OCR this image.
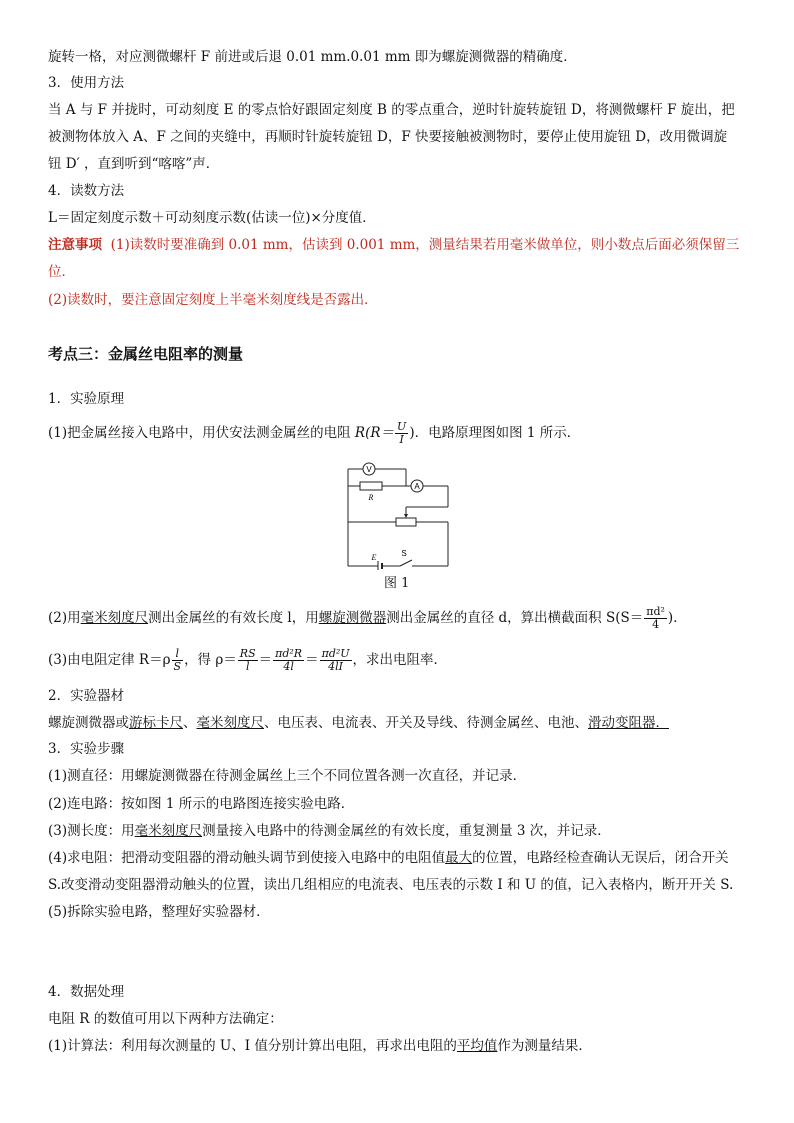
旋转一格，对应测微螺杆 F 前进或后退 0.01 mm.0.01 mm 即为螺旋测微器的精确度．
3．使用方法
当 A 与 F 并拢时，可动刻度 E 的零点恰好跟固定刻度 B 的零点重合，逆时针旋转旋钮 D，将测微螺杆 F 旋出，把
被测物体放入 A、F 之间的夹缝中，再顺时针旋转旋钮 D，F 快要接触被测物时，要停止使用旋钮 D，改用微调旋
钮 D′ ，直到听到“喀喀”声．
4．读数方法
L＝固定刻度示数＋可动刻度示数(估读一位)×分度值．
注意事项 (1)读数时要准确到 0.01 mm，估读到 0.001 mm，测量结果若用毫米做单位，则小数点后面必须保留三
位．
(2)读数时，要注意固定刻度上半毫米刻度线是否露出．
考点三：金属丝电阻率的测量
1．实验原理
(1)把金属丝接入电路中，用伏安法测金属丝的电阻 $R(R= \frac{U}{I}$ )．电路原理图如图 1 所示．
V
A
R
E	S
图 1
(2)用毫米刻度尺测出金属丝的有效长度 l，用螺旋测微器测出金属丝的直径 d，算出横截面积 $S(S= \frac{\text{πd²}}{4}$ )．
(3)由电阻定律 $R=\rho \frac{l}{S}$ ，得 $\rho= \frac{RS}{l} = \frac{\text{πd²R}}{4l} = \frac{\text{πd²U}}{4lI}$ ，求出电阻率．
2．实验器材
螺旋测微器或游标卡尺、毫米刻度尺、电压表、电流表、开关及导线、待测金属丝、电池、滑动变阻器．
3．实验步骤
(1)测直径：用螺旋测微器在待测金属丝上三个不同位置各测一次直径，并记录．
(2)连电路：按如图 1 所示的电路图连接实验电路．
(3)测长度：用毫米刻度尺测量接入电路中的待测金属丝的有效长度，重复测量 3 次，并记录．
(4)求电阻：把滑动变阻器的滑动触头调节到使接入电路中的电阻值最大的位置，电路经检查确认无误后，闭合开关
S.改变滑动变阻器滑动触头的位置，读出几组相应的电流表、电压表的示数 I 和 U 的值，记入表格内，断开开关 S.
(5)拆除实验电路，整理好实验器材．
4．数据处理
电阻 R 的数值可用以下两种方法确定：
(1)计算法：利用每次测量的 U、I 值分别计算出电阻，再求出电阻的平均值作为测量结果．
